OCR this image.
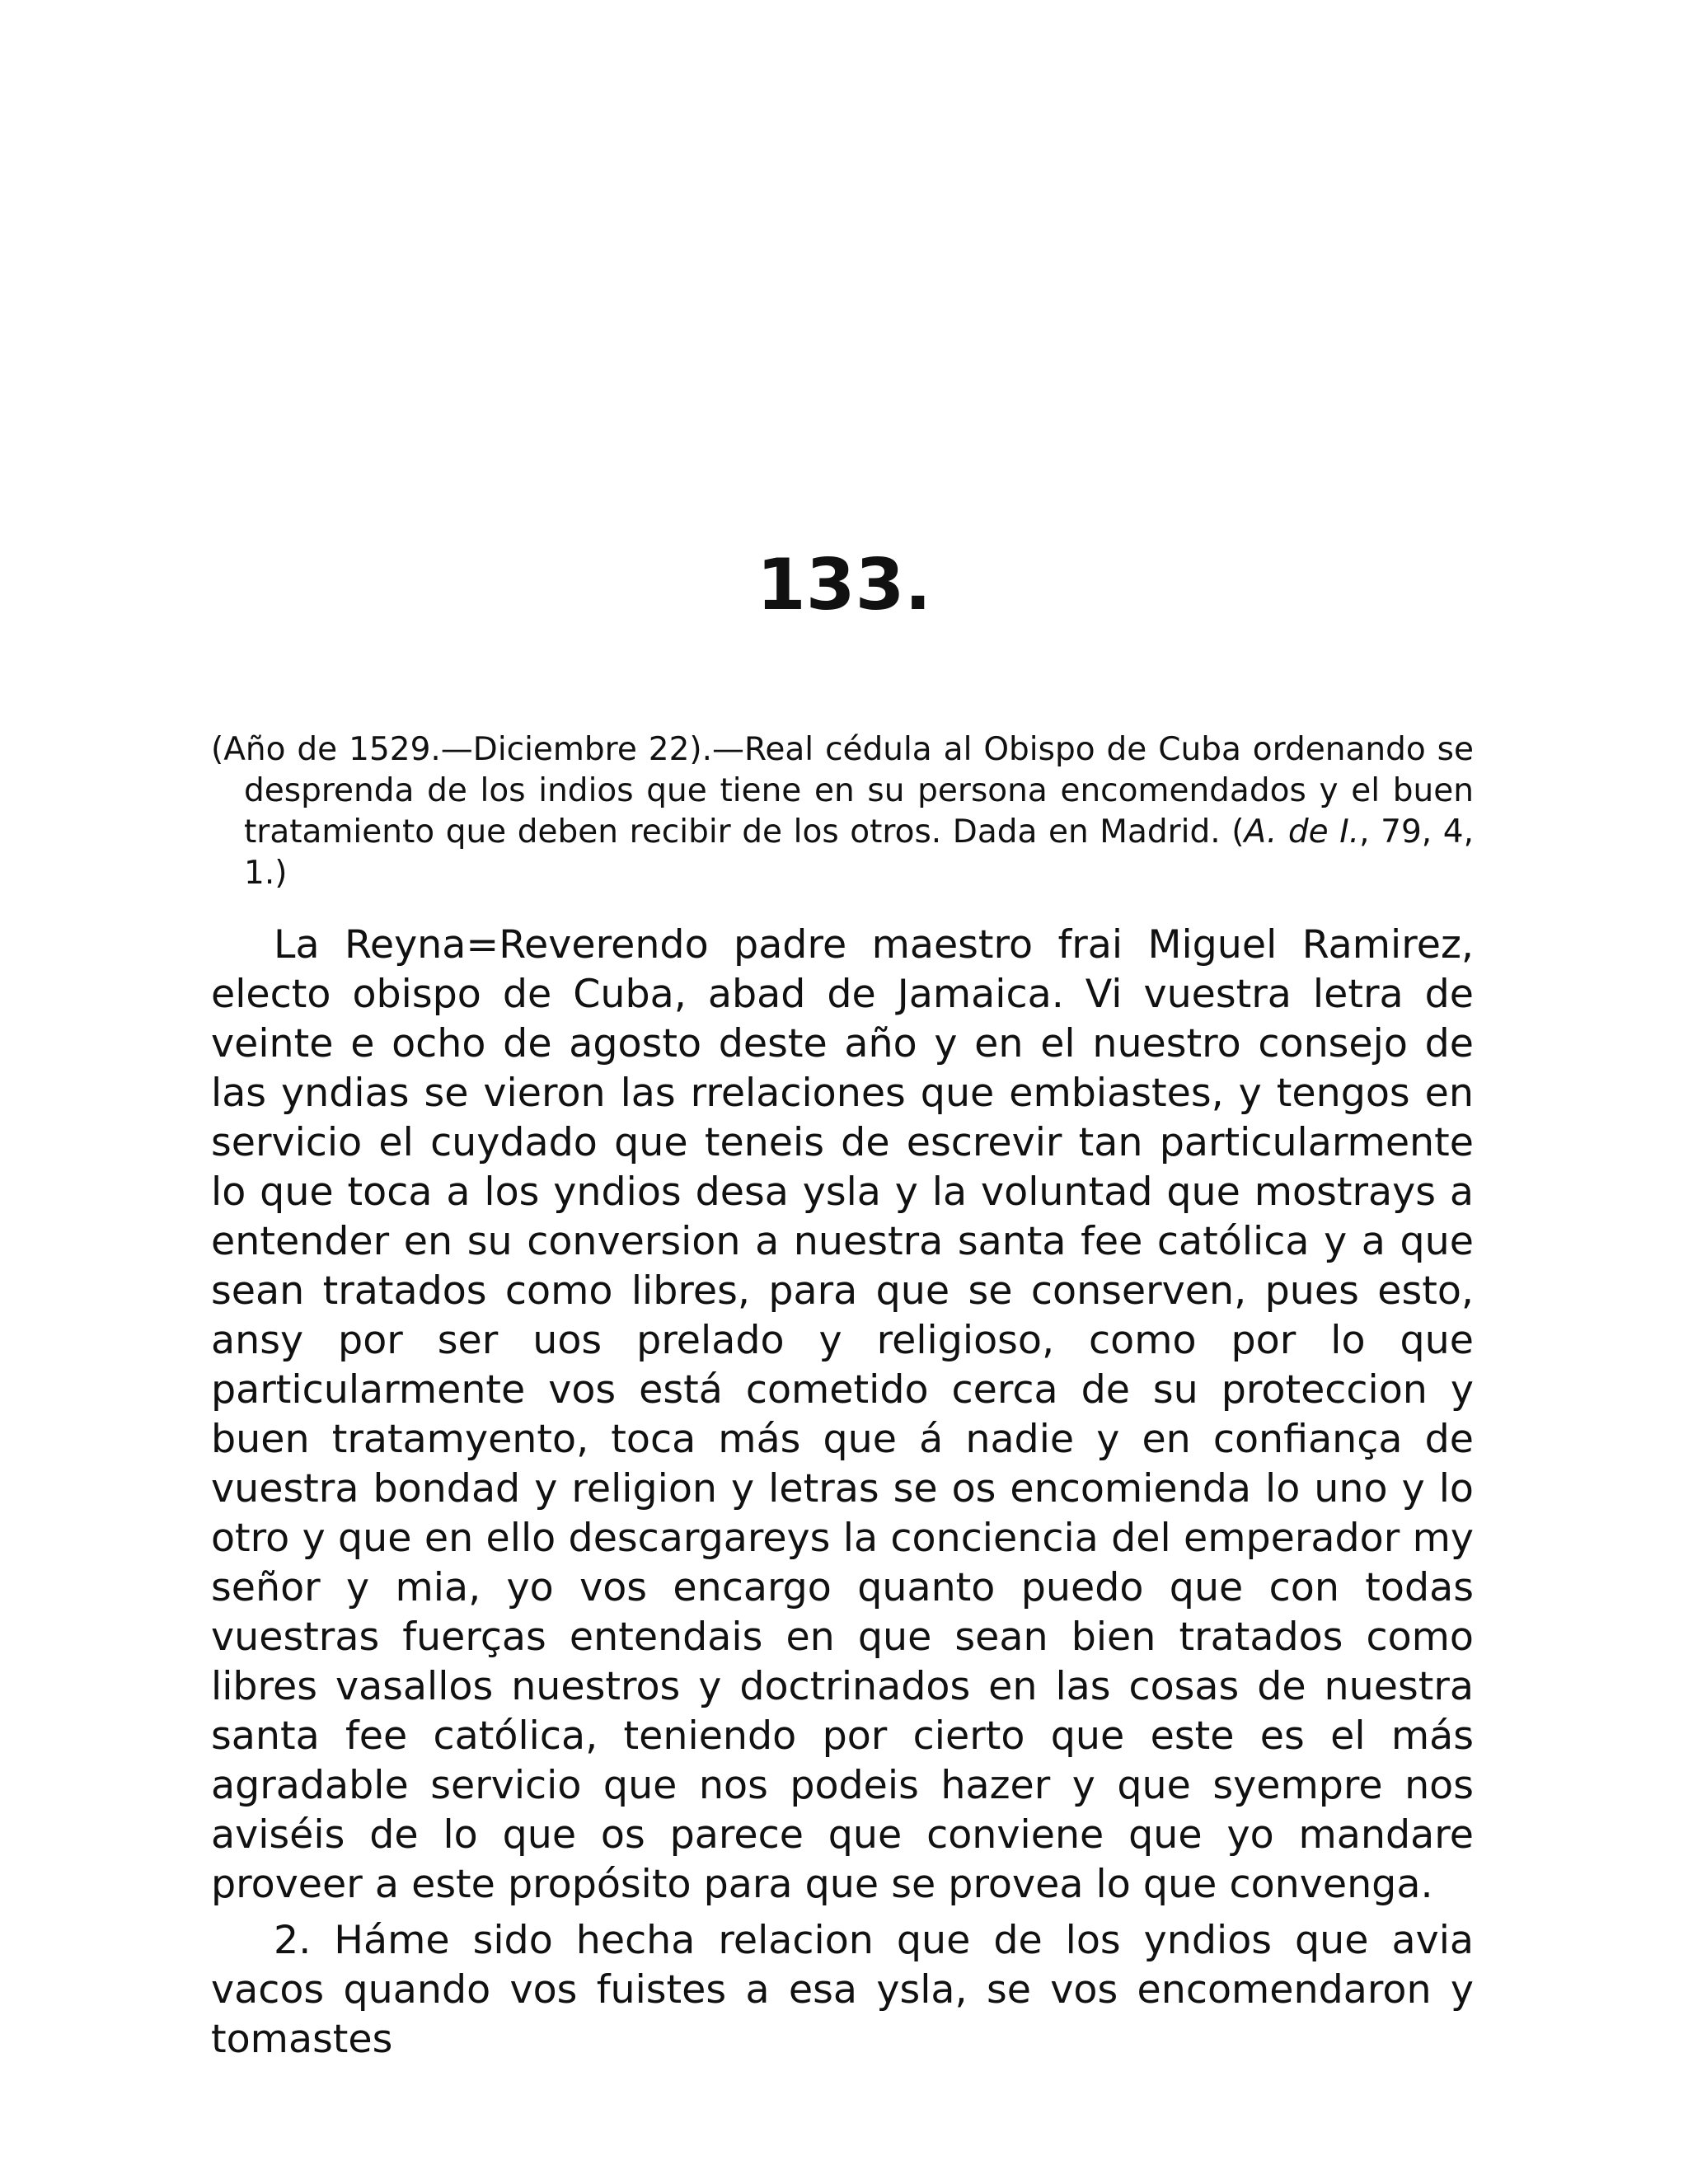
133.

(Año de 1529.—Diciembre 22).—Real cédula al Obispo de Cuba ordenando se desprenda de los indios que tiene en su persona encomendados y el buen tratamiento que deben recibir de los otros. Dada en Madrid. (A. de I., 79, 4, 1.)

La Reyna=Reverendo padre maestro frai Miguel Ramirez, electo obispo de Cuba, abad de Jamaica. Vi vuestra letra de veinte e ocho de agosto deste año y en el nuestro consejo de las yndias se vieron las rrelaciones que embiastes, y tengos en servicio el cuydado que teneis de escrevir tan particularmente lo que toca a los yndios desa ysla y la voluntad que mostrays a entender en su conversion a nuestra santa fee católica y a que sean tratados como libres, para que se conserven, pues esto, ansy por ser uos prelado y religioso, como por lo que particularmente vos está cometido cerca de su proteccion y buen tratamyento, toca más que á nadie y en confiança de vuestra bondad y religion y letras se os encomienda lo uno y lo otro y que en ello descargareys la conciencia del emperador my señor y mia, yo vos encargo quanto puedo que con todas vuestras fuerças entendais en que sean bien tratados como libres vasallos nuestros y doctrinados en las cosas de nuestra santa fee católica, teniendo por cierto que este es el más agradable servicio que nos podeis hazer y que syempre nos aviséis de lo que os parece que conviene que yo mandare proveer a este propósito para que se provea lo que convenga.

2. Háme sido hecha relacion que de los yndios que avia vacos quando vos fuistes a esa ysla, se vos encomendaron y tomastes
